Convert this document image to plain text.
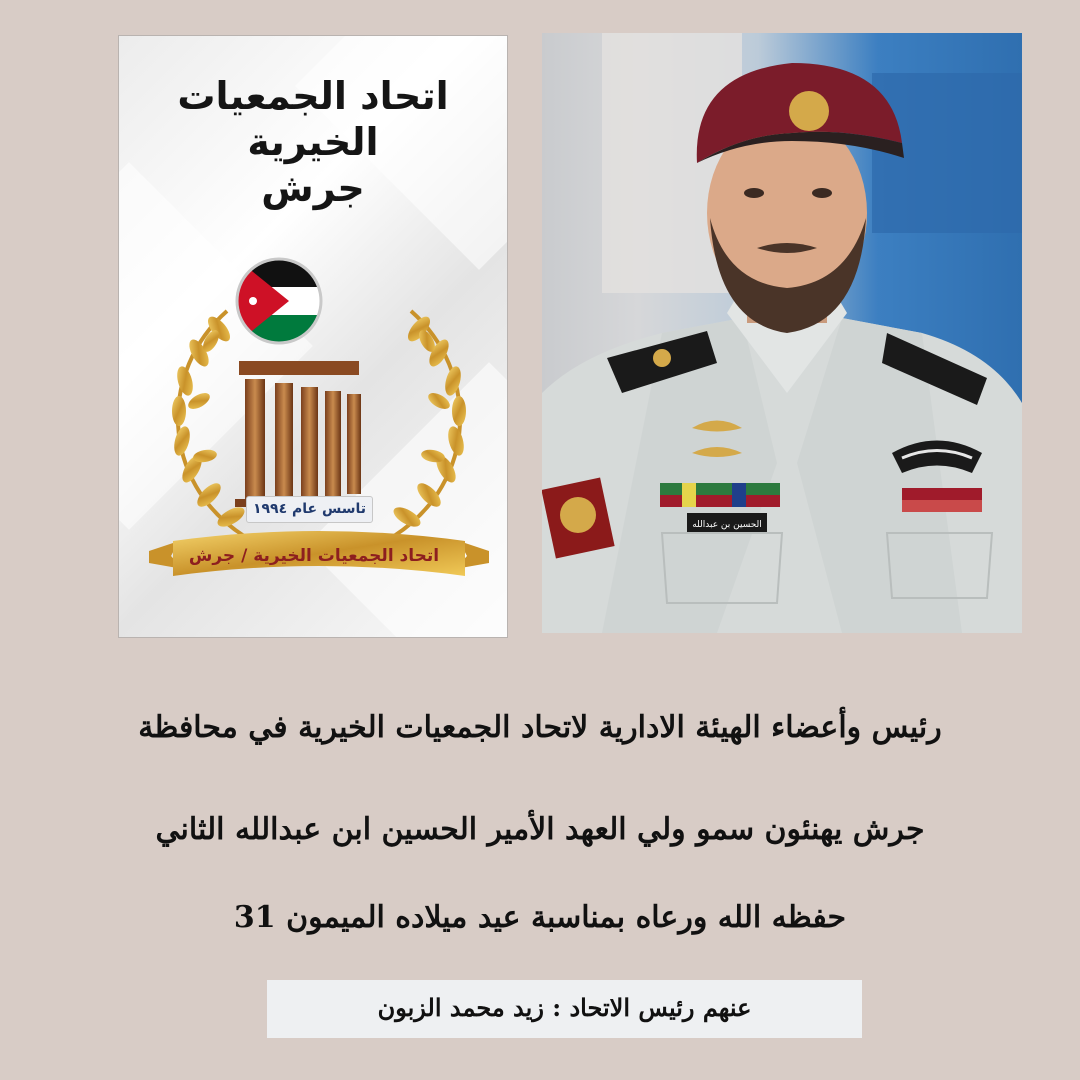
اتحاد الجمعيات الخيرية
جرش
تاسس عام ١٩٩٤
اتحاد الجمعيات الخيرية / جرش
الحسين بن عبدالله

رئيس وأعضاء الهيئة الادارية لاتحاد الجمعيات الخيرية في محافظة

جرش يهنئون سمو ولي العهد الأمير الحسين ابن عبدالله الثاني

حفظه الله ورعاه بمناسبة عيد ميلاده الميمون 31

عنهم رئيس الاتحاد : زيد محمد الزبون
